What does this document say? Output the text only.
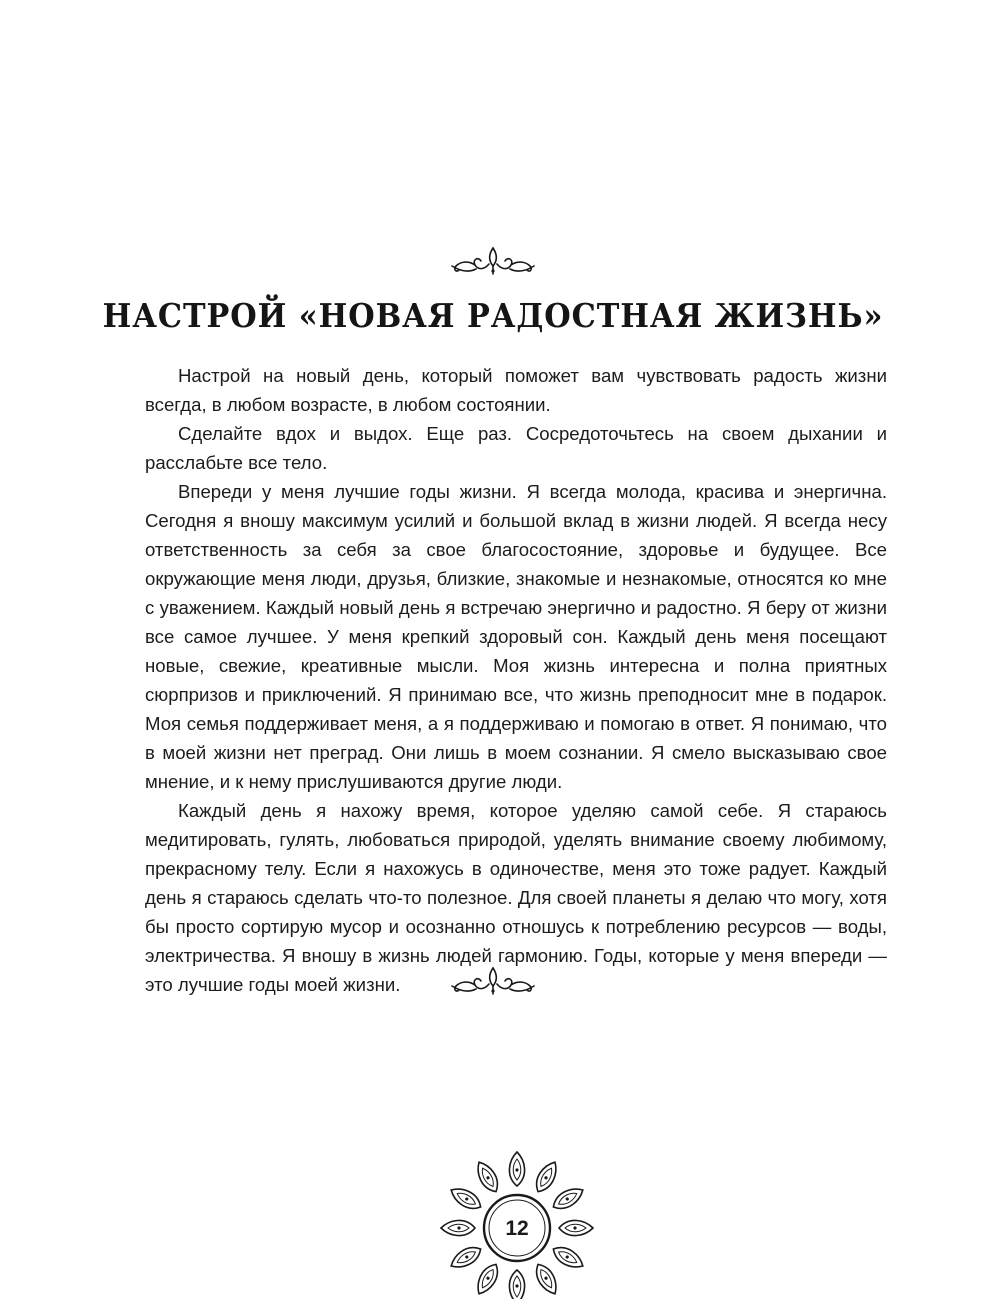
НАСТРОЙ «НОВАЯ РАДОСТНАЯ ЖИЗНЬ»

Настрой на новый день, который поможет вам чувствовать радость жизни всегда, в любом возрасте, в любом состоянии.

Сделайте вдох и выдох. Еще раз. Сосредоточьтесь на своем дыхании и расслабьте все тело.

Впереди у меня лучшие годы жизни. Я всегда молода, красива и энергична. Сегодня я вношу максимум усилий и большой вклад в жизни людей. Я всегда несу ответственность за себя за свое благосостояние, здоровье и будущее. Все окружающие меня люди, друзья, близкие, знакомые и незнакомые, относятся ко мне с уважением. Каждый новый день я встречаю энергично и радостно. Я беру от жизни все самое лучшее. У меня крепкий здоровый сон. Каждый день меня посещают новые, свежие, креативные мысли. Моя жизнь интересна и полна приятных сюрпризов и приключений. Я принимаю все, что жизнь преподносит мне в подарок. Моя семья поддерживает меня, а я поддерживаю и помогаю в ответ. Я понимаю, что в моей жизни нет преград. Они лишь в моем сознании. Я смело высказываю свое мнение, и к нему прислушиваются другие люди.

Каждый день я нахожу время, которое уделяю самой себе. Я стараюсь медитировать, гулять, любоваться природой, уделять внимание своему любимому, прекрасному телу. Если я нахожусь в одиночестве, меня это тоже радует. Каждый день я стараюсь сделать что-то полезное. Для своей планеты я делаю что могу, хотя бы просто сортирую мусор и осознанно отношусь к потреблению ресурсов — воды, электричества. Я вношу в жизнь людей гармонию. Годы, которые у меня впереди — это лучшие годы моей жизни.

12
